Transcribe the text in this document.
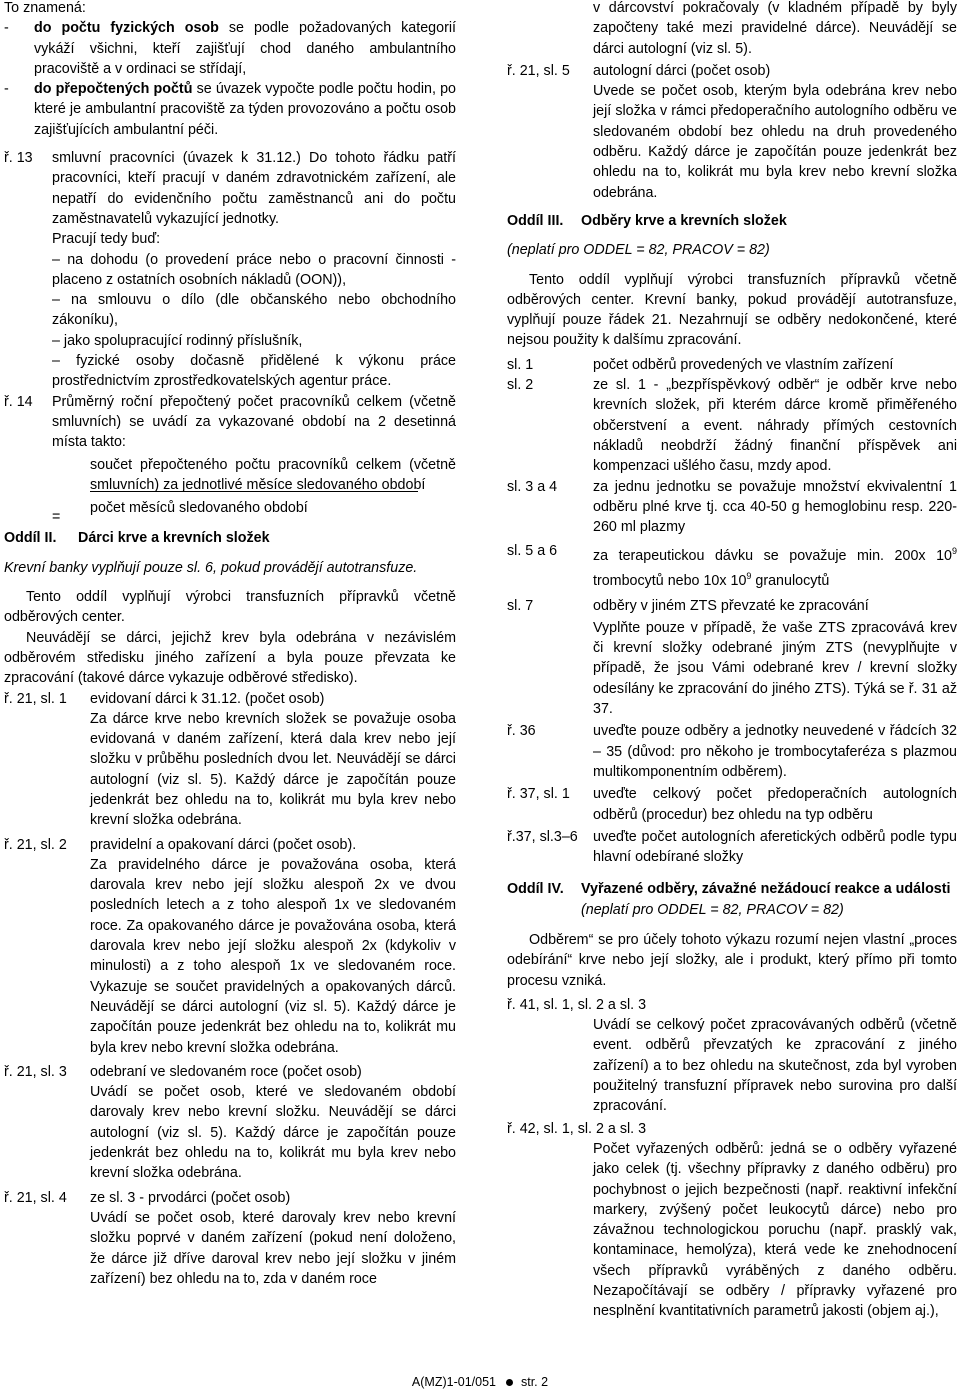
To znamená:

-	do počtu fyzických osob se podle požadovaných kategorií vykáží všichni, kteří zajišťují chod daného ambulantního pracoviště a v ordinaci se střídají,

-	do přepočtených počtů se úvazek vypočte podle počtu hodin, po které je ambulantní pracoviště za týden provozováno a počtu osob zajišťujících ambulantní péči.

ř. 13	smluvní pracovníci (úvazek k 31.12.) Do tohoto řádku patří pracovníci, kteří pracují v daném zdravotnickém zařízení, ale nepatří do evidenčního počtu zaměstnanců ani do počtu zaměstnavatelů vykazující jednotky.

Pracují tedy buď:

– na dohodu (o provedení práce nebo o pracovní činnosti - placeno z ostatních osobních nákladů (OON)),

– na smlouvu o dílo (dle občanského nebo obchodního zákoníku),

– jako spolupracující rodinný příslušník,

– fyzické osoby dočasně přidělené k výkonu práce prostřednictvím zprostředkovatelských agentur práce.

ř. 14	Průměrný roční přepočtený počet pracovníků celkem (včetně smluvních) se uvádí za vykazované období na 2 desetinná místa takto:

součet přepočteného počtu pracovníků celkem (včetně smluvních) za jednotlivé měsíce sledovaného období

=

počet měsíců sledovaného období

Oddíl II.	Dárci krve a krevních složek

Krevní banky vyplňují pouze sl. 6, pokud provádějí autotransfuze.

Tento oddíl vyplňují výrobci transfuzních přípravků včetně odběrových center.

Neuvádějí se dárci, jejichž krev byla odebrána v nezávislém odběrovém středisku jiného zařízení a byla pouze převzata ke zpracování (takové dárce vykazuje odběrové středisko).

ř. 21, sl. 1	evidovaní dárci k 31.12. (počet osob)

Za dárce krve nebo krevních složek se považuje osoba evidovaná v daném zařízení, která dala krev nebo její složku v průběhu posledních dvou let. Neuvádějí se dárci autologní (viz sl. 5). Každý dárce je započítán pouze jedenkrát bez ohledu na to, kolikrát mu byla krev nebo krevní složka odebrána.

ř. 21, sl. 2	pravidelní a opakovaní dárci (počet osob).

Za pravidelného dárce je považována osoba, která darovala krev nebo její složku alespoň 2x ve dvou posledních letech a z toho alespoň 1x ve sledovaném roce. Za opakovaného dárce je považována osoba, která darovala krev nebo její složku alespoň 2x (kdykoliv v minulosti) a z toho alespoň 1x ve sledovaném roce. Vykazuje se součet pravidelných a opakovaných dárců. Neuvádějí se dárci autologní (viz sl. 5). Každý dárce je započítán pouze jedenkrát bez ohledu na to, kolikrát mu byla krev nebo krevní složka odebrána.

ř. 21, sl. 3	odebraní ve sledovaném roce (počet osob)

Uvádí se počet osob, které ve sledovaném období darovaly krev nebo krevní složku. Neuvádějí se dárci autologní (viz sl. 5). Každý dárce je započítán pouze jedenkrát bez ohledu na to, kolikrát mu byla krev nebo krevní složka odebrána.

ř. 21, sl. 4	ze sl. 3 - prvodárci (počet osob)

Uvádí se počet osob, které darovaly krev nebo krevní složku poprvé v daném zařízení (pokud není doloženo, že dárce již dříve daroval krev nebo její složku v jiném zařízení) bez ohledu na to, zda v daném roce

v dárcovství pokračovaly (v kladném případě by byly započteny také mezi pravidelné dárce). Neuvádějí se dárci autologní (viz sl. 5).

ř. 21, sl. 5	autologní dárci (počet osob)

Uvede se počet osob, kterým byla odebrána krev nebo její složka v rámci předoperačního autologního odběru ve sledovaném období bez ohledu na druh provedeného odběru. Každý dárce je započítán pouze jedenkrát bez ohledu na to, kolikrát mu byla krev nebo krevní složka odebrána.

Oddíl III.	Odběry krve a krevních složek

(neplatí pro ODDEL = 82, PRACOV = 82)

Tento oddíl vyplňují výrobci transfuzních přípravků včetně odběrových center. Krevní banky, pokud provádějí autotransfuze, vyplňují pouze řádek 21. Nezahrnují se odběry nedokončené, které nejsou použity k dalšímu zpracování.

sl. 1	počet odběrů provedených ve vlastním zařízení

sl. 2	ze sl. 1 - „bezpříspěvkový odběr“ je odběr krve nebo krevních složek, při kterém dárce kromě přiměřeného občerstvení a event. náhrady přímých cestovních nákladů neobdrží žádný finanční příspěvek ani kompenzaci ušlého času, mzdy apod.

sl. 3 a 4	za jednu jednotku se považuje množství ekvivalentní 1 odběru plné krve tj. cca 40-50 g hemoglobinu resp. 220-260 ml plazmy

sl. 5 a 6	za terapeutickou dávku se považuje min. 200x $10^9$ trombocytů nebo 10x $10^9$ granulocytů

sl. 7	odběry v jiném ZTS převzaté ke zpracování

Vyplňte pouze v případě, že vaše ZTS zpracovává krev či krevní složky odebrané jiným ZTS (nevyplňujte v případě, že jsou Vámi odebrané krev / krevní složky odesílány ke zpracování do jiného ZTS). Týká se ř. 31 až 37.

ř. 36	uveďte pouze odběry a jednotky neuvedené v řádcích 32 – 35 (důvod: pro někoho je trombocytaferéza s plazmou multikomponentním odběrem).

ř. 37, sl. 1	uveďte celkový počet předoperačních autologních odběrů (procedur) bez ohledu na typ odběru

ř.37, sl.3–6	uveďte počet autologních aferetických odběrů podle typu hlavní odebírané složky

Oddíl IV.	Vyřazené odběry, závažné nežádoucí reakce a události

(neplatí pro ODDEL = 82, PRACOV = 82)

Odběrem“ se pro účely tohoto výkazu rozumí nejen vlastní „proces odebírání“ krve nebo její složky, ale i produkt, který přímo při tomto procesu vzniká.

ř. 41, sl. 1, sl. 2 a sl. 3

Uvádí se celkový počet zpracovávaných odběrů (včetně event. odběrů převzatých ke zpracování z jiného zařízení) a to bez ohledu na skutečnost, zda byl vyroben použitelný transfuzní přípravek nebo surovina pro další zpracování.

ř. 42, sl. 1, sl. 2 a sl. 3

Počet vyřazených odběrů: jedná se o odběry vyřazené jako celek (tj. všechny přípravky z daného odběru) pro pochybnost o jejich bezpečnosti (např. reaktivní infekční markery, zvýšený počet leukocytů dárce) nebo pro závažnou technologickou poruchu (např. prasklý vak, kontaminace, hemolýza), která vede ke znehodnocení všech přípravků vyráběných z daného odběru. Nezapočítávají se odběry / přípravky vyřazené pro nesplnění kvantitativních parametrů jakosti (objem aj.),

A(MZ)1-01/051 str. 2
